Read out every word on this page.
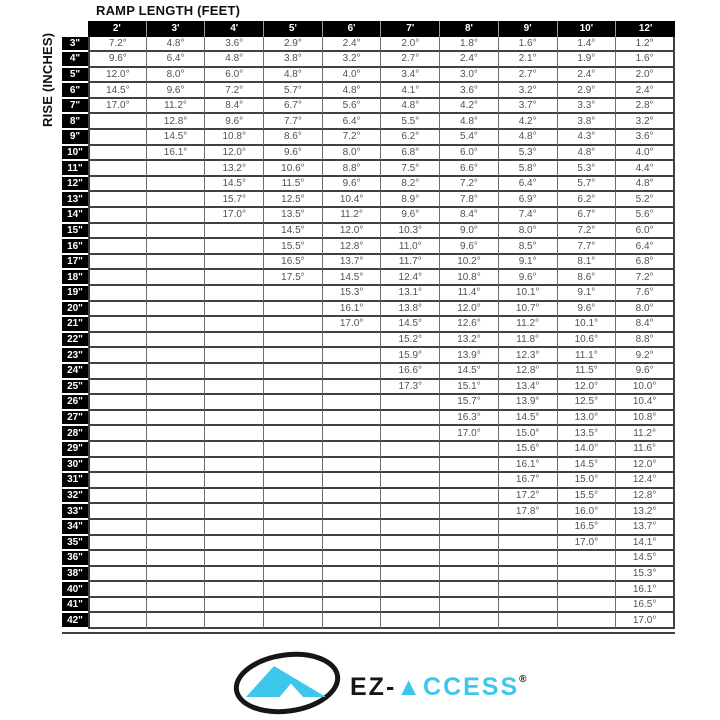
RAMP LENGTH (FEET)
RISE (INCHES)
	2'	3'	4'	5'	6'	7'	8'	9'	10'	12'
3"	7.2°	4.8°	3.6°	2.9°	2.4°	2.0°	1.8°	1.6°	1.4°	1.2°
4"	9.6°	6.4°	4.8°	3.8°	3.2°	2.7°	2.4°	2.1°	1.9°	1.6°
5"	12.0°	8.0°	6.0°	4.8°	4.0°	3.4°	3.0°	2.7°	2.4°	2.0°
6"	14.5°	9.6°	7.2°	5.7°	4.8°	4.1°	3.6°	3.2°	2.9°	2.4°
7"	17.0°	11.2°	8.4°	6.7°	5.6°	4.8°	4.2°	3.7°	3.3°	2.8°
8"		12.8°	9.6°	7.7°	6.4°	5.5°	4.8°	4.2°	3.8°	3.2°
9"		14.5°	10.8°	8.6°	7.2°	6.2°	5.4°	4.8°	4.3°	3.6°
10"		16.1°	12.0°	9.6°	8.0°	6.8°	6.0°	5.3°	4.8°	4.0°
11"			13.2°	10.6°	8.8°	7.5°	6.6°	5.8°	5.3°	4.4°
12"			14.5°	11.5°	9.6°	8.2°	7.2°	6.4°	5.7°	4.8°
13"			15.7°	12.5°	10.4°	8.9°	7.8°	6.9°	6.2°	5.2°
14"			17.0°	13.5°	11.2°	9.6°	8.4°	7.4°	6.7°	5.6°
15"				14.5°	12.0°	10.3°	9.0°	8.0°	7.2°	6.0°
16"				15.5°	12.8°	11.0°	9.6°	8.5°	7.7°	6.4°
17"				16.5°	13.7°	11.7°	10.2°	9.1°	8.1°	6.8°
18"				17.5°	14.5°	12.4°	10.8°	9.6°	8.6°	7.2°
19"					15.3°	13.1°	11.4°	10.1°	9.1°	7.6°
20"					16.1°	13.8°	12.0°	10.7°	9.6°	8.0°
21"					17.0°	14.5°	12.6°	11.2°	10.1°	8.4°
22"						15.2°	13.2°	11.8°	10.6°	8.8°
23"						15.9°	13.9°	12.3°	11.1°	9.2°
24"						16.6°	14.5°	12.8°	11.5°	9.6°
25"						17.3°	15.1°	13.4°	12.0°	10.0°
26"							15.7°	13.9°	12.5°	10.4°
27"							16.3°	14.5°	13.0°	10.8°
28"							17.0°	15.0°	13.5°	11.2°
29"								15.6°	14.0°	11.6°
30"								16.1°	14.5°	12.0°
31"								16.7°	15.0°	12.4°
32"								17.2°	15.5°	12.8°
33"								17.8°	16.0°	13.2°
34"									16.5°	13.7°
35"									17.0°	14.1°
36"										14.5°
38"										15.3°
40"										16.1°
41"										16.5°
42"										17.0°
EZ-▲CCESS®
